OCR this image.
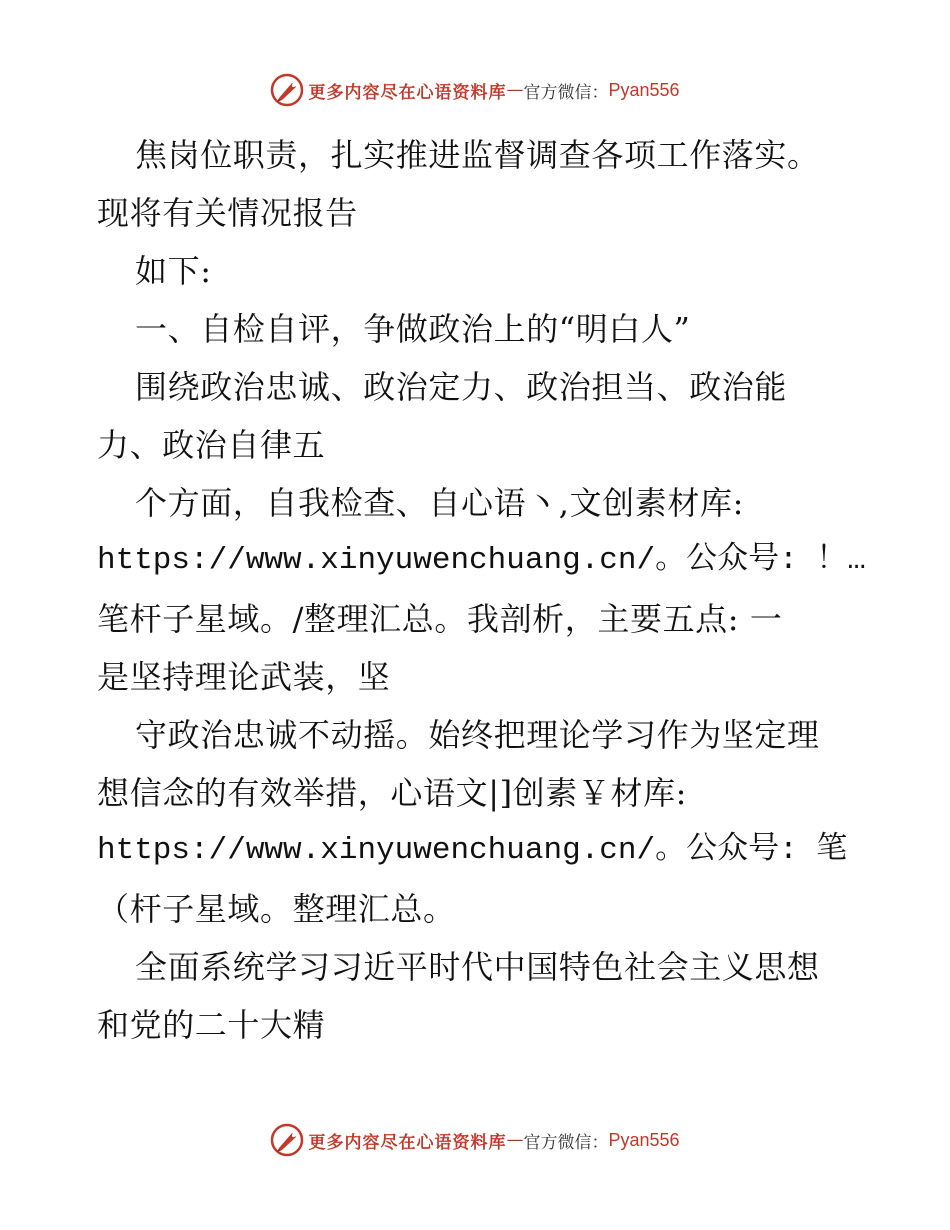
更多内容尽在心语资料库 — 官方微信： Pyan556
焦岗位职责，扎实推进监督调查各项工作落实。
现将有关情况报告
如下:
一、自检自评，争做政治上的“明白人”
围绕政治忠诚、政治定力、政治担当、政治能
力、政治自律五
个方面，自我检查、自心语丶,文创素材库:
https://www.xinyuwenchuang.cn/。公众号: ！…
笔杆子星域。/整理汇总。我剖析，主要五点: 一
是坚持理论武装，坚
守政治忠诚不动摇。始终把理论学习作为坚定理
想信念的有效举措，心语文|]创素￥材库:
https://www.xinyuwenchuang.cn/。公众号: 笔
（杆子星域。整理汇总。
全面系统学习习近平时代中国特色社会主义思想
和党的二十大精
更多内容尽在心语资料库 — 官方微信： Pyan556
